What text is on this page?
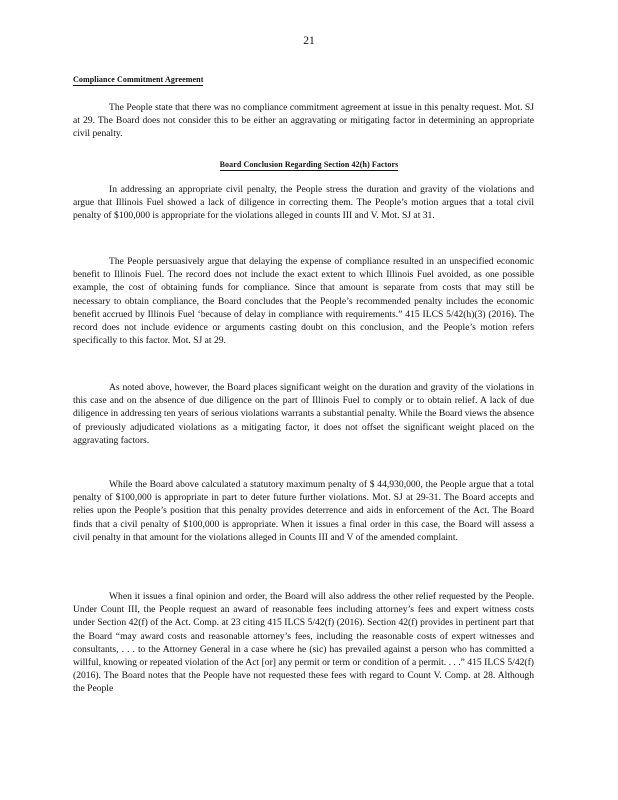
21
Compliance Commitment Agreement

The People state that there was no compliance commitment agreement at issue in this penalty request. Mot. SJ at 29. The Board does not consider this to be either an aggravating or mitigating factor in determining an appropriate civil penalty.

Board Conclusion Regarding Section 42(h) Factors

In addressing an appropriate civil penalty, the People stress the duration and gravity of the violations and argue that Illinois Fuel showed a lack of diligence in correcting them. The People’s motion argues that a total civil penalty of $100,000 is appropriate for the violations alleged in counts III and V. Mot. SJ at 31.

The People persuasively argue that delaying the expense of compliance resulted in an unspecified economic benefit to Illinois Fuel. The record does not include the exact extent to which Illinois Fuel avoided, as one possible example, the cost of obtaining funds for compliance. Since that amount is separate from costs that may still be necessary to obtain compliance, the Board concludes that the People’s recommended penalty includes the economic benefit accrued by Illinois Fuel ‘because of delay in compliance with requirements.” 415 ILCS 5/42(h)(3) (2016). The record does not include evidence or arguments casting doubt on this conclusion, and the People’s motion refers specifically to this factor. Mot. SJ at 29.

As noted above, however, the Board places significant weight on the duration and gravity of the violations in this case and on the absence of due diligence on the part of Illinois Fuel to comply or to obtain relief. A lack of due diligence in addressing ten years of serious violations warrants a substantial penalty. While the Board views the absence of previously adjudicated violations as a mitigating factor, it does not offset the significant weight placed on the aggravating factors.

While the Board above calculated a statutory maximum penalty of $ 44,930,000, the People argue that a total penalty of $100,000 is appropriate in part to deter future further violations. Mot. SJ at 29-31. The Board accepts and relies upon the People’s position that this penalty provides deterrence and aids in enforcement of the Act. The Board finds that a civil penalty of $100,000 is appropriate. When it issues a final order in this case, the Board will assess a civil penalty in that amount for the violations alleged in Counts III and V of the amended complaint.

When it issues a final opinion and order, the Board will also address the other relief requested by the People. Under Count III, the People request an award of reasonable fees including attorney’s fees and expert witness costs under Section 42(f) of the Act. Comp. at 23 citing 415 ILCS 5/42(f) (2016). Section 42(f) provides in pertinent part that the Board “may award costs and reasonable attorney’s fees, including the reasonable costs of expert witnesses and consultants, . . . to the Attorney General in a case where he (sic) has prevailed against a person who has committed a willful, knowing or repeated violation of the Act [or] any permit or term or condition of a permit. . . .” 415 ILCS 5/42(f) (2016). The Board notes that the People have not requested these fees with regard to Count V. Comp. at 28. Although the People
